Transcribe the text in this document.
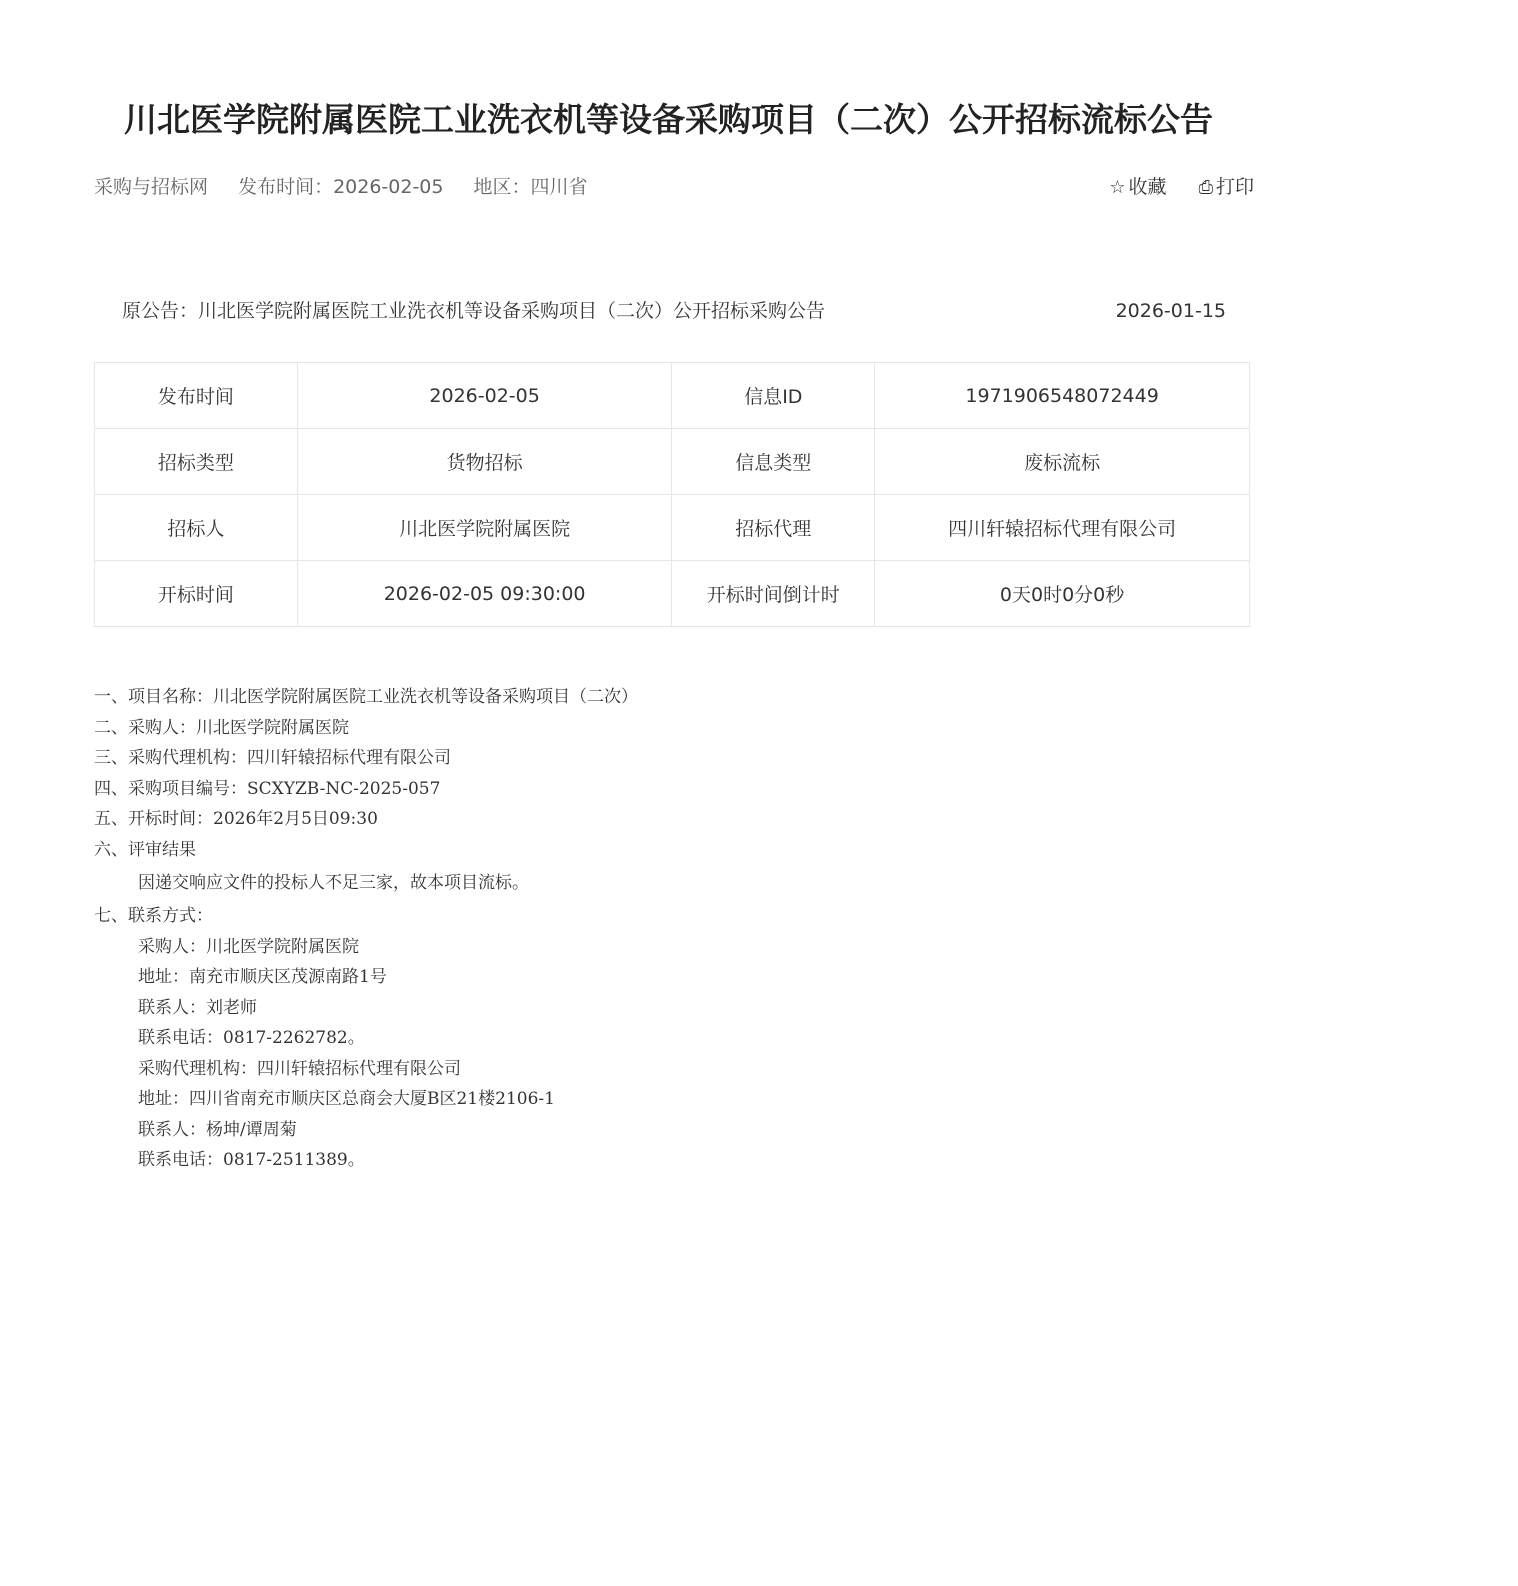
川北医学院附属医院工业洗衣机等设备采购项目（二次）公开招标流标公告
采购与招标网 发布时间：2026-02-05 地区：四川省	☆ 收藏 ⎙ 打印
原公告：川北医学院附属医院工业洗衣机等设备采购项目（二次）公开招标采购公告	2026-01-15
发布时间	2026-02-05	信息ID	1971906548072449
招标类型	货物招标	信息类型	废标流标
招标人	川北医学院附属医院	招标代理	四川轩辕招标代理有限公司
开标时间	2026-02-05 09:30:00	开标时间倒计时	0天0时0分0秒
一、项目名称：川北医学院附属医院工业洗衣机等设备采购项目（二次）
二、采购人：川北医学院附属医院
三、采购代理机构：四川轩辕招标代理有限公司
四、采购项目编号：SCXYZB-NC-2025-057
五、开标时间：2026年2月5日09:30
六、评审结果
因递交响应文件的投标人不足三家，故本项目流标。
七、联系方式：
采购人：川北医学院附属医院
地址：南充市顺庆区茂源南路1号
联系人：刘老师
联系电话：0817-2262782。
采购代理机构：四川轩辕招标代理有限公司
地址：四川省南充市顺庆区总商会大厦B区21楼2106-1
联系人：杨坤/谭周菊
联系电话：0817-2511389。
